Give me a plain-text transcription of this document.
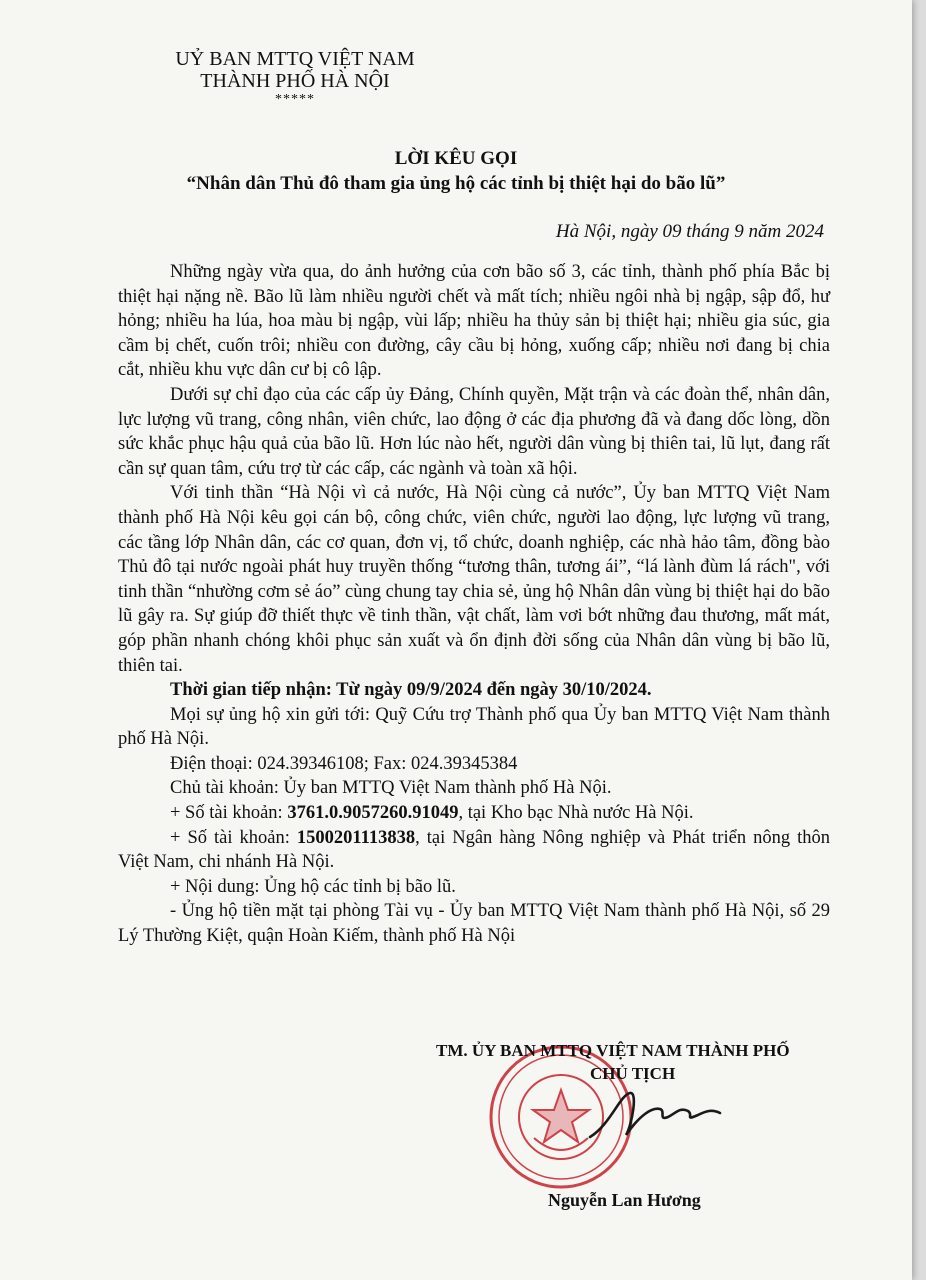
UỶ BAN MTTQ VIỆT NAM
THÀNH PHỐ HÀ NỘI
*****
LỜI KÊU GỌI
“Nhân dân Thủ đô tham gia ủng hộ các tỉnh bị thiệt hại do bão lũ”
Hà Nội, ngày 09 tháng 9 năm 2024

Những ngày vừa qua, do ảnh hưởng của cơn bão số 3, các tỉnh, thành phố phía Bắc bị thiệt hại nặng nề. Bão lũ làm nhiều người chết và mất tích; nhiều ngôi nhà bị ngập, sập đổ, hư hỏng; nhiều ha lúa, hoa màu bị ngập, vùi lấp; nhiều ha thủy sản bị thiệt hại; nhiều gia súc, gia cầm bị chết, cuốn trôi; nhiều con đường, cây cầu bị hỏng, xuống cấp; nhiều nơi đang bị chia cắt, nhiều khu vực dân cư bị cô lập.

Dưới sự chỉ đạo của các cấp ủy Đảng, Chính quyền, Mặt trận và các đoàn thể, nhân dân, lực lượng vũ trang, công nhân, viên chức, lao động ở các địa phương đã và đang dốc lòng, dồn sức khắc phục hậu quả của bão lũ. Hơn lúc nào hết, người dân vùng bị thiên tai, lũ lụt, đang rất cần sự quan tâm, cứu trợ từ các cấp, các ngành và toàn xã hội.

Với tinh thần “Hà Nội vì cả nước, Hà Nội cùng cả nước”, Ủy ban MTTQ Việt Nam thành phố Hà Nội kêu gọi cán bộ, công chức, viên chức, người lao động, lực lượng vũ trang, các tầng lớp Nhân dân, các cơ quan, đơn vị, tổ chức, doanh nghiệp, các nhà hảo tâm, đồng bào Thủ đô tại nước ngoài phát huy truyền thống “tương thân, tương ái”, “lá lành đùm lá rách", với tinh thần “nhường cơm sẻ áo” cùng chung tay chia sẻ, ủng hộ Nhân dân vùng bị thiệt hại do bão lũ gây ra. Sự giúp đỡ thiết thực về tinh thần, vật chất, làm vơi bớt những đau thương, mất mát, góp phần nhanh chóng khôi phục sản xuất và ổn định đời sống của Nhân dân vùng bị bão lũ, thiên tai.

Thời gian tiếp nhận: Từ ngày 09/9/2024 đến ngày 30/10/2024.

Mọi sự ủng hộ xin gửi tới: Quỹ Cứu trợ Thành phố qua Ủy ban MTTQ Việt Nam thành phố Hà Nội.

Điện thoại: 024.39346108; Fax: 024.39345384

Chủ tài khoản: Ủy ban MTTQ Việt Nam thành phố Hà Nội.

+ Số tài khoản: 3761.0.9057260.91049, tại Kho bạc Nhà nước Hà Nội.

+ Số tài khoản: 1500201113838, tại Ngân hàng Nông nghiệp và Phát triển nông thôn Việt Nam, chi nhánh Hà Nội.

+ Nội dung: Ủng hộ các tỉnh bị bão lũ.

- Ủng hộ tiền mặt tại phòng Tài vụ - Ủy ban MTTQ Việt Nam thành phố Hà Nội, số 29 Lý Thường Kiệt, quận Hoàn Kiếm, thành phố Hà Nội

TM. ỦY BAN MTTQ VIỆT NAM THÀNH PHỐ
CHỦ TỊCH
Nguyễn Lan Hương
